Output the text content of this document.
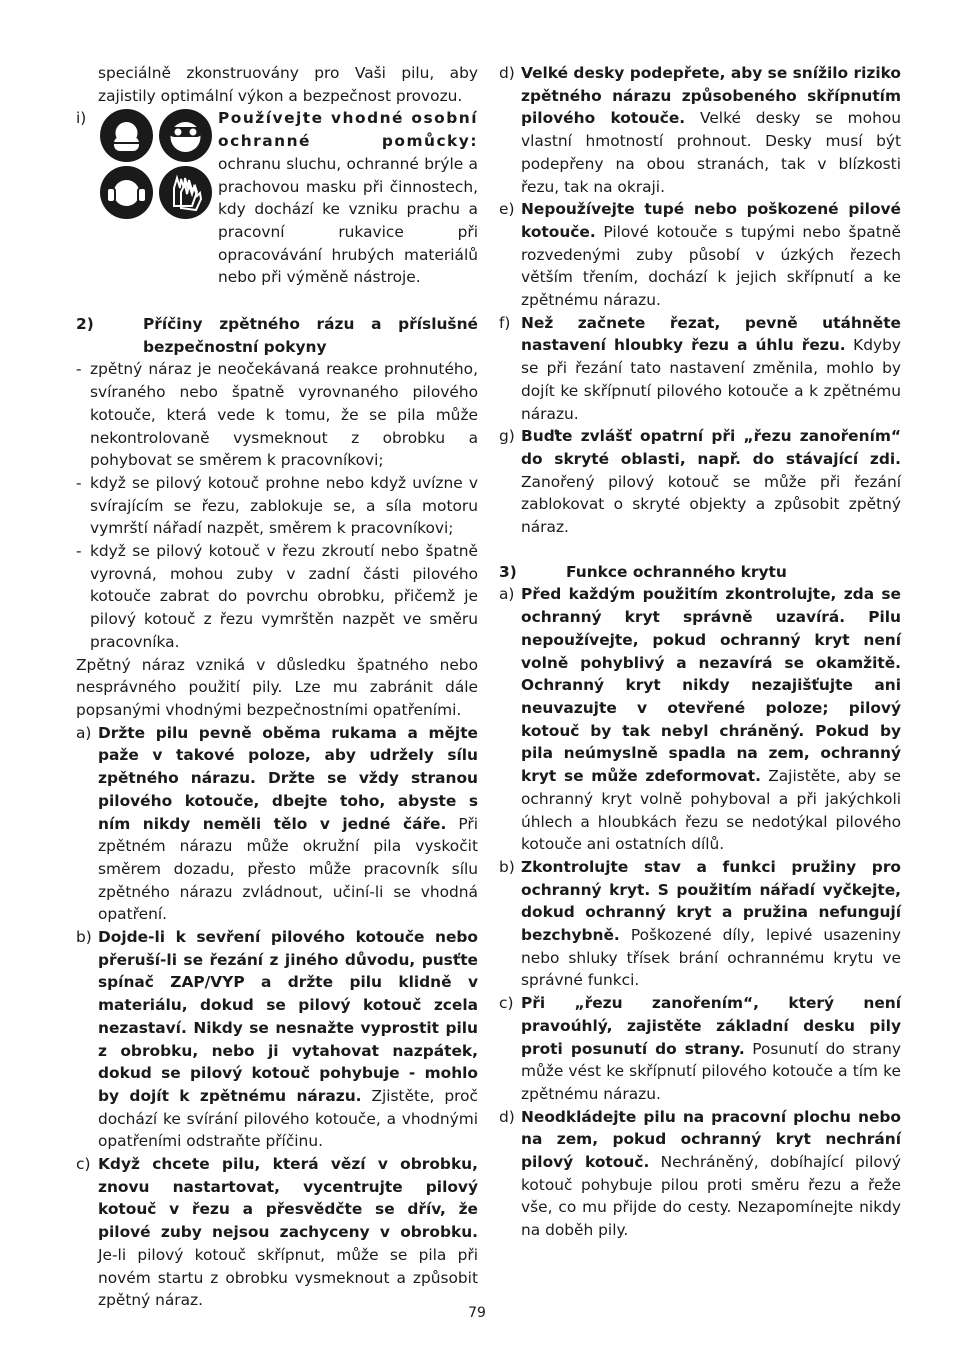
speciálně zkonstruovány pro Vaši pilu, aby zajistily optimální výkon a bezpečnost provozu.
i)	Používejte vhodné osobní ochranné pomůcky: ochranu sluchu, ochranné brýle a prachovou masku při činnostech, kdy dochází ke vzniku prachu a pracovní rukavice při opracovávání hrubých materiálů nebo při výměně nástroje.
2)	Příčiny zpětného rázu a příslušné bezpečnostní pokyny
- zpětný náraz je neočekávaná reakce prohnutého, svíraného nebo špatně vyrovnaného pilového kotouče, která vede k tomu, že se pila může nekontrolovaně vysmeknout z obrobku a pohybovat se směrem k pracovníkovi;
- když se pilový kotouč prohne nebo když uvízne v svírajícím se řezu, zablokuje se, a síla motoru vymrští nářadí nazpět, směrem k pracovníkovi;
- když se pilový kotouč v řezu zkroutí nebo špatně vyrovná, mohou zuby v zadní části pilového kotouče zabrat do povrchu obrobku, přičemž je pilový kotouč z řezu vymrštěn nazpět ve směru pracovníka.
Zpětný náraz vzniká v důsledku špatného nebo nesprávného použití pily. Lze mu zabránit dále popsanými vhodnými bezpečnostními opatřeními.
a) Držte pilu pevně oběma rukama a mějte paže v takové poloze, aby udržely sílu zpětného nárazu. Držte se vždy stranou pilového kotouče, dbejte toho, abyste s ním nikdy neměli tělo v jedné čáře. Při zpětném nárazu může okružní pila vyskočit směrem dozadu, přesto může pracovník sílu zpětného nárazu zvládnout, učiní-li se vhodná opatření.
b) Dojde-li k sevření pilového kotouče nebo přeruší-li se řezání z jiného důvodu, pusťte spínač ZAP/VYP a držte pilu klidně v materiálu, dokud se pilový kotouč zcela nezastaví. Nikdy se nesnažte vyprostit pilu z obrobku, nebo ji vytahovat nazpátek, dokud se pilový kotouč pohybuje - mohlo by dojít k zpětnému nárazu. Zjistěte, proč dochází ke svírání pilového kotouče, a vhodnými opatřeními odstraňte příčinu.
c) Když chcete pilu, která vězí v obrobku, znovu nastartovat, vycentrujte pilový kotouč v řezu a přesvědčte se dřív, že pilové zuby nejsou zachyceny v obrobku. Je-li pilový kotouč skřípnut, může se pila při novém startu z obrobku vysmeknout a způsobit zpětný náraz.
d) Velké desky podepřete, aby se snížilo riziko zpětného nárazu způsobeného skřípnutím pilového kotouče. Velké desky se mohou vlastní hmotností prohnout. Desky musí být podepřeny na obou stranách, tak v blízkosti řezu, tak na okraji.
e) Nepoužívejte tupé nebo poškozené pilové kotouče. Pilové kotouče s tupými nebo špatně rozvedenými zuby působí v úzkých řezech větším třením, dochází k jejich skřípnutí a ke zpětnému nárazu.
f) Než začnete řezat, pevně utáhněte nastavení hloubky řezu a úhlu řezu. Kdyby se při řezání tato nastavení změnila, mohlo by dojít ke skřípnutí pilového kotouče a k zpětnému nárazu.
g) Buďte zvlášť opatrní při „řezu zanořením“ do skryté oblasti, např. do stávající zdi. Zanořený pilový kotouč se může při řezání zablokovat o skryté objekty a způsobit zpětný náraz.
3)	Funkce ochranného krytu
a) Před každým použitím zkontrolujte, zda se ochranný kryt správně uzavírá. Pilu nepoužívejte, pokud ochranný kryt není volně pohyblivý a nezavírá se okamžitě. Ochranný kryt nikdy nezajišťujte ani neuvazujte v otevřené poloze; pilový kotouč by tak nebyl chráněný. Pokud by pila neúmyslně spadla na zem, ochranný kryt se může zdeformovat. Zajistěte, aby se ochranný kryt volně pohyboval a při jakýchkoli úhlech a hloubkách řezu se nedotýkal pilového kotouče ani ostatních dílů.
b) Zkontrolujte stav a funkci pružiny pro ochranný kryt. S použitím nářadí vyčkejte, dokud ochranný kryt a pružina nefungují bezchybně. Poškozené díly, lepivé usazeniny nebo shluky třísek brání ochrannému krytu ve správné funkci.
c) Při „řezu zanořením“, který není pravoúhlý, zajistěte základní desku pily proti posunutí do strany. Posunutí do strany může vést ke skřípnutí pilového kotouče a tím ke zpětnému nárazu.
d) Neodkládejte pilu na pracovní plochu nebo na zem, pokud ochranný kryt nechrání pilový kotouč. Nechráněný, dobíhající pilový kotouč pohybuje pilou proti směru řezu a řeže vše, co mu přijde do cesty. Nezapomínejte nikdy na doběh pily.
79
